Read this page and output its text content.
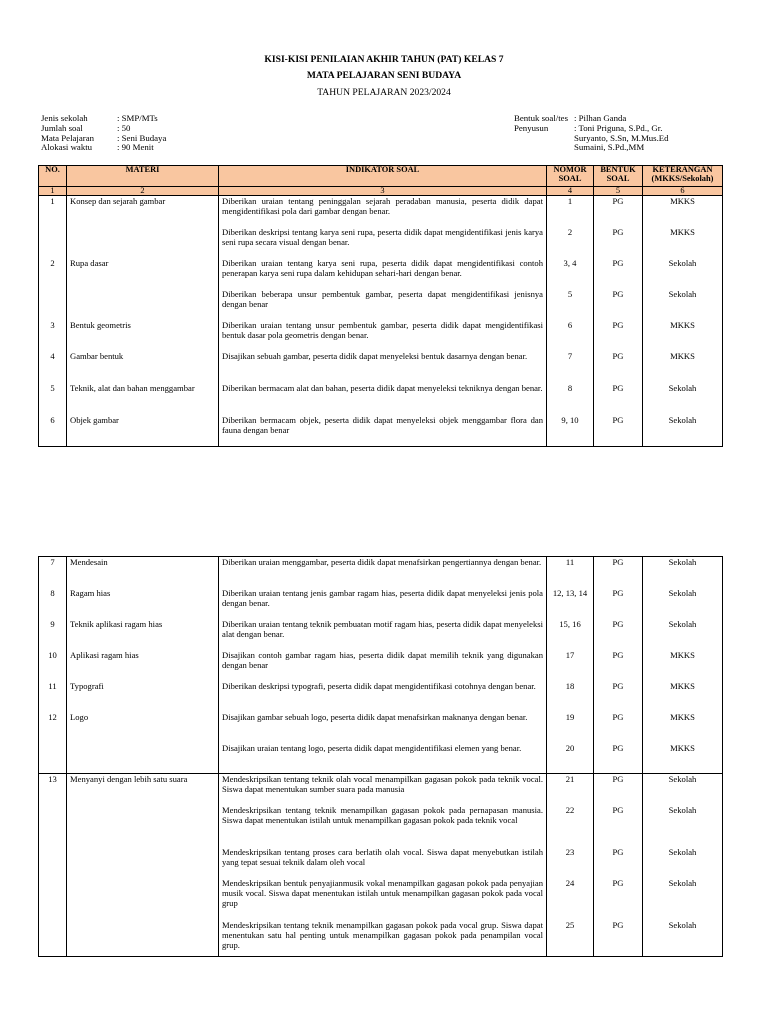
KISI-KISI PENILAIAN AKHIR TAHUN (PAT) KELAS 7
MATA PELAJARAN SENI BUDAYA
TAHUN PELAJARAN 2023/2024
Jenis sekolah	: SMP/MTs
Jumlah soal	: 50
Mata Pelajaran	: Seni Budaya
Alokasi waktu	: 90 Menit
Bentuk soal/tes : Pilhan Ganda
Penyusun	: Toni Priguna, S.Pd., Gr.
Suryanto, S.Sn, M.Mus.Ed
Sumaini, S.Pd.,MM
NO.	MATERI	INDIKATOR SOAL	NOMOR SOAL	BENTUK SOAL	KETERANGAN (MKKS/Sekolah)
1	2	3	4	5	6
1	Konsep dan sejarah gambar	Diberikan uraian tentang peninggalan sejarah peradaban manusia, peserta didik dapat mengidentifikasi pola dari gambar dengan benar.	1	PG	MKKS
		Diberikan deskripsi tentang karya seni rupa, peserta didik dapat mengidentifikasi jenis karya seni rupa secara visual dengan benar.	2	PG	MKKS
2	Rupa dasar	Diberikan uraian tentang karya seni rupa, peserta didik dapat mengidentifikasi contoh penerapan karya seni rupa dalam kehidupan sehari-hari dengan benar.	3, 4	PG	Sekolah
		Diberikan beberapa unsur pembentuk gambar, peserta dapat mengidentifikasi jenisnya dengan benar	5	PG	Sekolah
3	Bentuk geometris	Diberikan uraian tentang unsur pembentuk gambar, peserta didik dapat mengidentifikasi bentuk dasar pola geometris dengan benar.	6	PG	MKKS
4	Gambar bentuk	Disajikan sebuah gambar, peserta didik dapat menyeleksi bentuk dasarnya dengan benar.	7	PG	MKKS
5	Teknik, alat dan bahan menggambar	Diberikan bermacam alat dan bahan, peserta didik dapat menyeleksi tekniknya dengan benar.	8	PG	Sekolah
6	Objek gambar	Diberikan bermacam objek, peserta didik dapat menyeleksi objek menggambar flora dan fauna dengan benar	9, 10	PG	Sekolah
7	Mendesain	Diberikan uraian menggambar, peserta didik dapat menafsirkan pengertiannya dengan benar.	11	PG	Sekolah
8	Ragam hias	Diberikan uraian tentang jenis gambar ragam hias, peserta didik dapat menyeleksi jenis pola dengan benar.	12, 13, 14	PG	Sekolah
9	Teknik aplikasi ragam hias	Diberikan uraian tentang teknik pembuatan motif ragam hias, peserta didik dapat menyeleksi alat dengan benar.	15, 16	PG	Sekolah
10	Aplikasi ragam hias	Disajikan contoh gambar ragam hias, peserta didik dapat memilih teknik yang digunakan dengan benar	17	PG	MKKS
11	Typografi	Diberikan deskripsi typografi, peserta didik dapat mengidentifikasi cotohnya dengan benar.	18	PG	MKKS
12	Logo	Disajikan gambar sebuah logo, peserta didik dapat menafsirkan maknanya dengan benar.	19	PG	MKKS
		Disajikan uraian tentang logo, peserta didik dapat mengidentifikasi elemen yang benar.	20	PG	MKKS
13	Menyanyi dengan lebih satu suara	Mendeskripsikan tentang teknik olah vocal menampilkan gagasan pokok pada teknik vocal. Siswa dapat menentukan sumber suara pada manusia	21	PG	Sekolah
		Mendeskripsikan tentang teknik menampilkan gagasan pokok pada pernapasan manusia. Siswa dapat menentukan istilah untuk menampilkan gagasan pokok pada teknik vocal	22	PG	Sekolah
		Mendeskripsikan tentang proses cara berlatih olah vocal. Siswa dapat menyebutkan istilah yang tepat sesuai teknik dalam oleh vocal	23	PG	Sekolah
		Mendeskripsikan bentuk penyajianmusik vokal menampilkan gagasan pokok pada penyajian musik vocal. Siswa dapat menentukan istilah untuk menampilkan gagasan pokok pada vocal grup	24	PG	Sekolah
		Mendeskripsikan tentang teknik menampilkan gagasan pokok pada vocal grup. Siswa dapat menentukan satu hal penting untuk menampilkan gagasan pokok pada penampilan vocal grup.	25	PG	Sekolah
